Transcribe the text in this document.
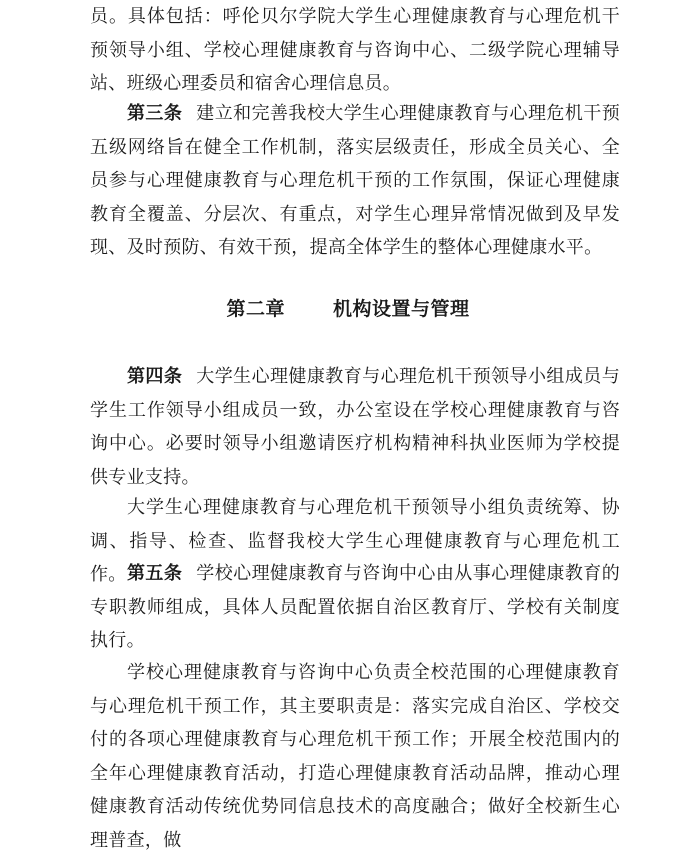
员。具体包括：呼伦贝尔学院大学生心理健康教育与心理危机干预领导小组、学校心理健康教育与咨询中心、二级学院心理辅导站、班级心理委员和宿舍心理信息员。

第三条 建立和完善我校大学生心理健康教育与心理危机干预五级网络旨在健全工作机制，落实层级责任，形成全员关心、全员参与心理健康教育与心理危机干预的工作氛围，保证心理健康教育全覆盖、分层次、有重点，对学生心理异常情况做到及早发现、及时预防、有效干预，提高全体学生的整体心理健康水平。

第二章	机构设置与管理

第四条 大学生心理健康教育与心理危机干预领导小组成员与学生工作领导小组成员一致，办公室设在学校心理健康教育与咨询中心。必要时领导小组邀请医疗机构精神科执业医师为学校提供专业支持。

大学生心理健康教育与心理危机干预领导小组负责统筹、协调、指导、检查、监督我校大学生心理健康教育与心理危机工作。 第五条 学校心理健康教育与咨询中心由从事心理健康教育的专职教师组成，具体人员配置依据自治区教育厅、学校有关制度执行。

学校心理健康教育与咨询中心负责全校范围的心理健康教育与心理危机干预工作，其主要职责是：落实完成自治区、学校交付的各项心理健康教育与心理危机干预工作；开展全校范围内的全年心理健康教育活动，打造心理健康教育活动品牌，推动心理健康教育活动传统优势同信息技术的高度融合；做好全校新生心理普查，做
